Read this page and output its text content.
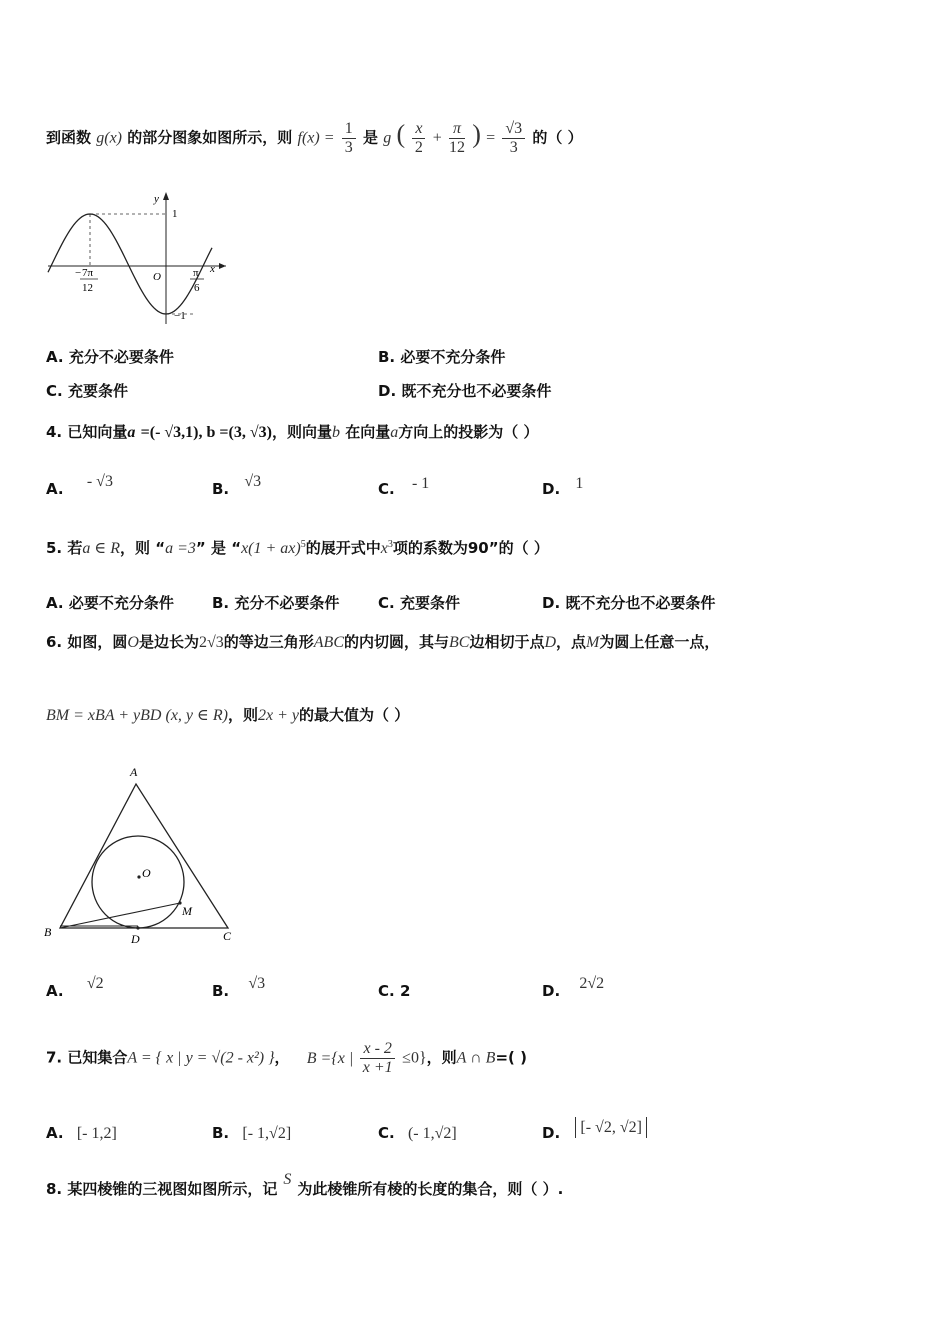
到函数 g(x) 的部分图象如图所示，则 $f(x) = \frac{1}{3}$ 是 g ( $\frac{x}{2} + \frac{\pi}{12}$ ) = $\frac{√3}{3}$ 的（ ）
y
x
1
−1
O
− 7π
12
π
6
A. 充分不必要条件	B. 必要不充分条件
C. 充要条件	D. 既不充分也不必要条件
4. 已知向量a =(- √3,1), b =(3, √3)，则向量b 在向量a方向上的投影为（ ）
A. - √3	B. √3	C. - 1	D. 1
5. 若a ∈ R，则 “a =3” 是 “x(1 + ax)$^5$的展开式中$x^3$项的系数为90”的（ ）
A. 必要不充分条件	B. 充分不必要条件	C. 充要条件	D. 既不充分也不必要条件
6. 如图，圆O是边长为2√3的等边三角形ABC的内切圆，其与BC边相切于点D，点M为圆上任意一点，
BM = xBA + yBD (x, y ∈ R)，则2x + y的最大值为（ ）
A
B	C
D
O
M
A. √2	B. √3	C. 2	D. 2√2
7. 已知集合A = { x | y = √(2 - x²) }， B ={x | $\frac{x - 2}{x +1} \le 0$}，则A ∩ B=( )
A. [- 1,2]	B. [- 1,√2]	C. (- 1,√2]	D. [- √2, √2]
8. 某四棱锥的三视图如图所示，记S为此棱锥所有棱的长度的集合，则（ ）.
